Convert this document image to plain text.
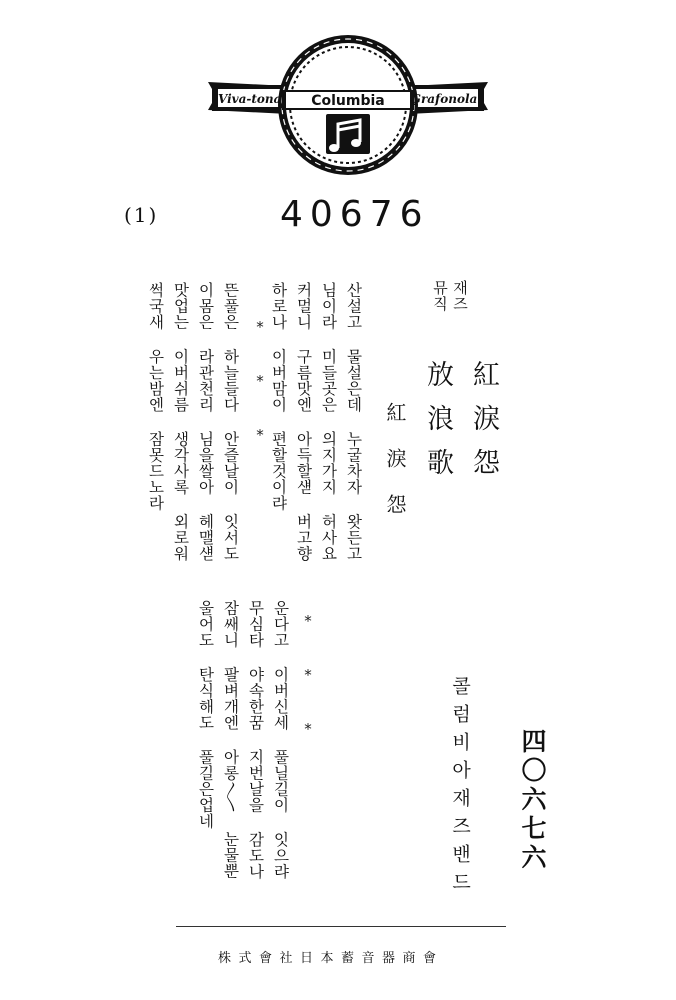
Viva-tonal Columbia Grafonola
(1)	40676
紅淚怨
放浪歌
재즈
뮤직
紅淚怨
산설고 물설은데 누굴차자 왓든고
님이라 미들곳은 의지가지 허사요
커멀니 구름맛엔 아득할섇 버고향
하로나 이버맘이 편할것이랴
*  *  *
뜬풀은 하늘들다 안즐날이 잇서도
이몸은 라관천리 님을쌀아 헤맬섇
맛업는 이버쉬름 생각사록 외로워
썩국새 우는밤엔 잠못드노라
*  *  *
운다고 이버신세 풀닐길이 잇으랴
무심타 야속한꿈 지번날을 감도나
잠쌔니 팔벼개엔 아롱〳〵 눈물뿐
울어도 탄식해도 풀길은업네	콜럼비아재즈밴드 四〇六七六
株式會社日本蓄音器商會
